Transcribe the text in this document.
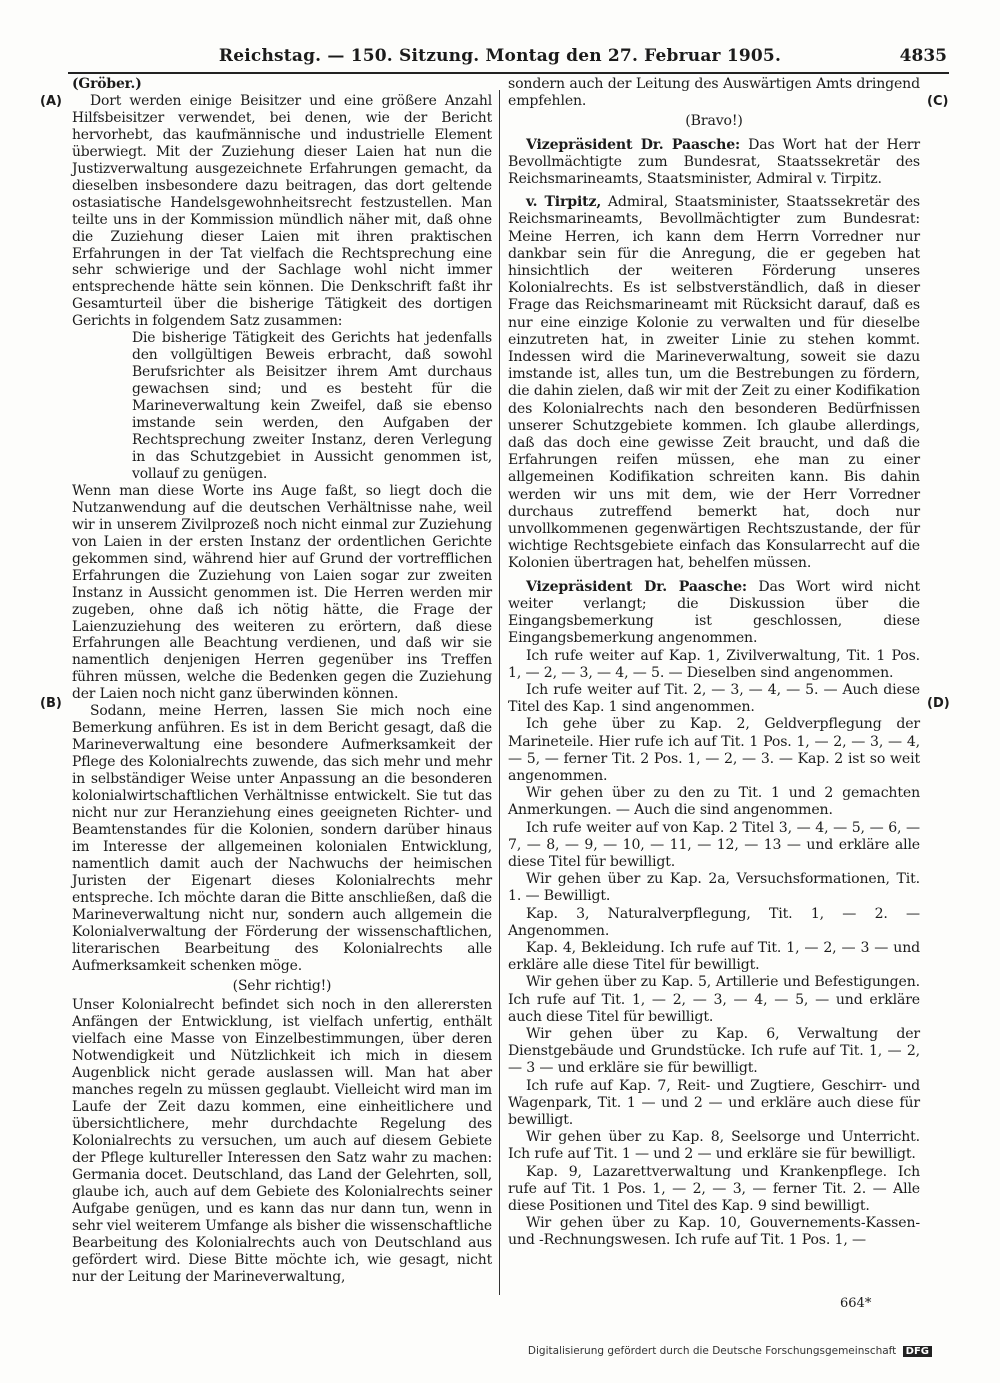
Reichstag. — 150. Sitzung. Montag den 27. Februar 1905.	4835
(A)
(B)
(C)
(D)

(Gröber.)

Dort werden einige Beisitzer und eine größere Anzahl Hilfsbeisitzer verwendet, bei denen, wie der Bericht hervorhebt, das kaufmännische und industrielle Element überwiegt. Mit der Zuziehung dieser Laien hat nun die Justizverwaltung ausgezeichnete Erfahrungen gemacht, da dieselben insbesondere dazu beitragen, das dort geltende ostasiatische Handelsgewohnheitsrecht festzustellen. Man teilte uns in der Kommission mündlich näher mit, daß ohne die Zuziehung dieser Laien mit ihren praktischen Erfahrungen in der Tat vielfach die Rechtsprechung eine sehr schwierige und der Sachlage wohl nicht immer entsprechende hätte sein können. Die Denkschrift faßt ihr Gesamturteil über die bisherige Tätigkeit des dortigen Gerichts in folgendem Satz zusammen:

Die bisherige Tätigkeit des Gerichts hat jedenfalls den vollgültigen Beweis erbracht, daß sowohl Berufsrichter als Beisitzer ihrem Amt durchaus gewachsen sind; und es besteht für die Marineverwaltung kein Zweifel, daß sie ebenso imstande sein werden, den Aufgaben der Rechtsprechung zweiter Instanz, deren Verlegung in das Schutzgebiet in Aussicht genommen ist, vollauf zu genügen.

Wenn man diese Worte ins Auge faßt, so liegt doch die Nutzanwendung auf die deutschen Verhältnisse nahe, weil wir in unserem Zivilprozeß noch nicht einmal zur Zuziehung von Laien in der ersten Instanz der ordentlichen Gerichte gekommen sind, während hier auf Grund der vortrefflichen Erfahrungen die Zuziehung von Laien sogar zur zweiten Instanz in Aussicht genommen ist. Die Herren werden mir zugeben, ohne daß ich nötig hätte, die Frage der Laienzuziehung des weiteren zu erörtern, daß diese Erfahrungen alle Beachtung verdienen, und daß wir sie namentlich denjenigen Herren gegenüber ins Treffen führen müssen, welche die Bedenken gegen die Zuziehung der Laien noch nicht ganz überwinden können.

Sodann, meine Herren, lassen Sie mich noch eine Bemerkung anführen. Es ist in dem Bericht gesagt, daß die Marineverwaltung eine besondere Aufmerksamkeit der Pflege des Kolonialrechts zuwende, das sich mehr und mehr in selbständiger Weise unter Anpassung an die besonderen kolonialwirtschaftlichen Verhältnisse entwickelt. Sie tut das nicht nur zur Heranziehung eines geeigneten Richter- und Beamtenstandes für die Kolonien, sondern darüber hinaus im Interesse der allgemeinen kolonialen Entwicklung, namentlich damit auch der Nachwuchs der heimischen Juristen der Eigenart dieses Kolonialrechts mehr entspreche. Ich möchte daran die Bitte anschließen, daß die Marineverwaltung nicht nur, sondern auch allgemein die Kolonialverwaltung der Förderung der wissenschaftlichen, literarischen Bearbeitung des Kolonialrechts alle Aufmerksamkeit schenken möge.

(Sehr richtig!)

Unser Kolonialrecht befindet sich noch in den allerersten Anfängen der Entwicklung, ist vielfach unfertig, enthält vielfach eine Masse von Einzelbestimmungen, über deren Notwendigkeit und Nützlichkeit ich mich in diesem Augenblick nicht gerade auslassen will. Man hat aber manches regeln zu müssen geglaubt. Vielleicht wird man im Laufe der Zeit dazu kommen, eine einheitlichere und übersichtlichere, mehr durchdachte Regelung des Kolonialrechts zu versuchen, um auch auf diesem Gebiete der Pflege kultureller Interessen den Satz wahr zu machen: Germania docet. Deutschland, das Land der Gelehrten, soll, glaube ich, auch auf dem Gebiete des Kolonialrechts seiner Aufgabe genügen, und es kann das nur dann tun, wenn in sehr viel weiterem Umfange als bisher die wissenschaftliche Bearbeitung des Kolonialrechts auch von Deutschland aus gefördert wird. Diese Bitte möchte ich, wie gesagt, nicht nur der Leitung der Marineverwaltung,

sondern auch der Leitung des Auswärtigen Amts dringend empfehlen.

(Bravo!)

Vizepräsident Dr. Paasche: Das Wort hat der Herr Bevollmächtigte zum Bundesrat, Staatssekretär des Reichsmarineamts, Staatsminister, Admiral v. Tirpitz.

v. Tirpitz, Admiral, Staatsminister, Staatssekretär des Reichsmarineamts, Bevollmächtigter zum Bundesrat: Meine Herren, ich kann dem Herrn Vorredner nur dankbar sein für die Anregung, die er gegeben hat hinsichtlich der weiteren Förderung unseres Kolonialrechts. Es ist selbstverständlich, daß in dieser Frage das Reichsmarineamt mit Rücksicht darauf, daß es nur eine einzige Kolonie zu verwalten und für dieselbe einzutreten hat, in zweiter Linie zu stehen kommt. Indessen wird die Marineverwaltung, soweit sie dazu imstande ist, alles tun, um die Bestrebungen zu fördern, die dahin zielen, daß wir mit der Zeit zu einer Kodifikation des Kolonialrechts nach den besonderen Bedürfnissen unserer Schutzgebiete kommen. Ich glaube allerdings, daß das doch eine gewisse Zeit braucht, und daß die Erfahrungen reifen müssen, ehe man zu einer allgemeinen Kodifikation schreiten kann. Bis dahin werden wir uns mit dem, wie der Herr Vorredner durchaus zutreffend bemerkt hat, doch nur unvollkommenen gegenwärtigen Rechtszustande, der für wichtige Rechtsgebiete einfach das Konsularrecht auf die Kolonien übertragen hat, behelfen müssen.

Vizepräsident Dr. Paasche: Das Wort wird nicht weiter verlangt; die Diskussion über die Eingangsbemerkung ist geschlossen, diese Eingangsbemerkung angenommen.

Ich rufe weiter auf Kap. 1, Zivilverwaltung, Tit. 1 Pos. 1, — 2, — 3, — 4, — 5. — Dieselben sind angenommen.

Ich rufe weiter auf Tit. 2, — 3, — 4, — 5. — Auch diese Titel des Kap. 1 sind angenommen.

Ich gehe über zu Kap. 2, Geldverpflegung der Marineteile. Hier rufe ich auf Tit. 1 Pos. 1, — 2, — 3, — 4, — 5, — ferner Tit. 2 Pos. 1, — 2, — 3. — Kap. 2 ist so weit angenommen.

Wir gehen über zu den zu Tit. 1 und 2 gemachten Anmerkungen. — Auch die sind angenommen.

Ich rufe weiter auf von Kap. 2 Titel 3, — 4, — 5, — 6, — 7, — 8, — 9, — 10, — 11, — 12, — 13 — und erkläre alle diese Titel für bewilligt.

Wir gehen über zu Kap. 2a, Versuchsformationen, Tit. 1. — Bewilligt.

Kap. 3, Naturalverpflegung, Tit. 1, — 2. — Angenommen.

Kap. 4, Bekleidung. Ich rufe auf Tit. 1, — 2, — 3 — und erkläre alle diese Titel für bewilligt.

Wir gehen über zu Kap. 5, Artillerie und Befestigungen. Ich rufe auf Tit. 1, — 2, — 3, — 4, — 5, — und erkläre auch diese Titel für bewilligt.

Wir gehen über zu Kap. 6, Verwaltung der Dienstgebäude und Grundstücke. Ich rufe auf Tit. 1, — 2, — 3 — und erkläre sie für bewilligt.

Ich rufe auf Kap. 7, Reit- und Zugtiere, Geschirr- und Wagenpark, Tit. 1 — und 2 — und erkläre auch diese für bewilligt.

Wir gehen über zu Kap. 8, Seelsorge und Unterricht. Ich rufe auf Tit. 1 — und 2 — und erkläre sie für bewilligt.

Kap. 9, Lazarettverwaltung und Krankenpflege. Ich rufe auf Tit. 1 Pos. 1, — 2, — 3, — ferner Tit. 2. — Alle diese Positionen und Titel des Kap. 9 sind bewilligt.

Wir gehen über zu Kap. 10, Gouvernements-Kassen- und -Rechnungswesen. Ich rufe auf Tit. 1 Pos. 1, —

664*
Digitalisierung gefördert durch die Deutsche Forschungsgemeinschaft DFG
